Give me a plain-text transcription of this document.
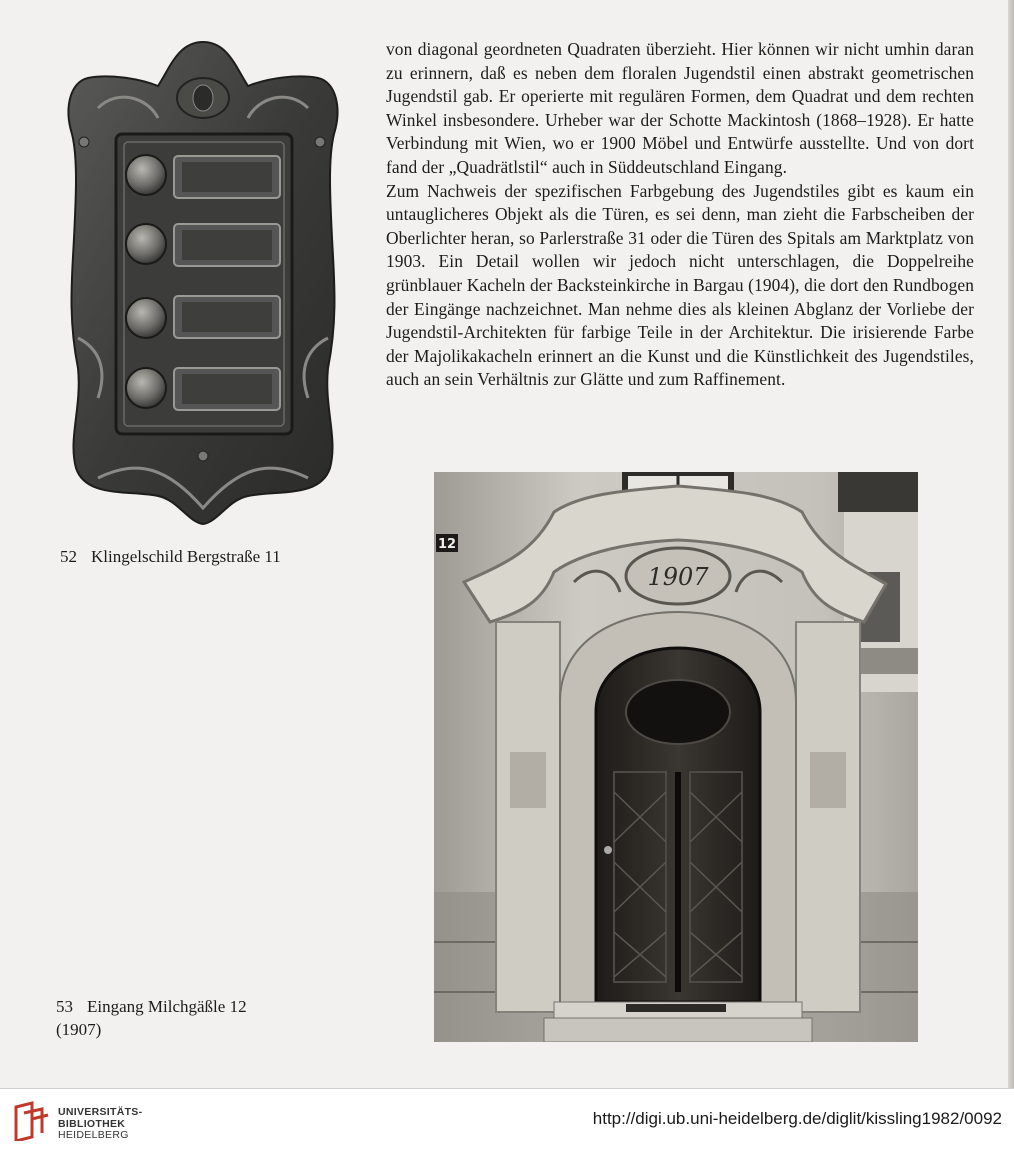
52 Klingelschild Bergstraße 11

von diagonal geordneten Quadraten überzieht. Hier können wir nicht umhin daran zu erinnern, daß es neben dem floralen Jugendstil einen abstrakt geometrischen Jugendstil gab. Er operierte mit regulären Formen, dem Quadrat und dem rechten Winkel insbesondere. Urheber war der Schotte Mackintosh (1868–1928). Er hatte Verbindung mit Wien, wo er 1900 Möbel und Entwürfe ausstellte. Und von dort fand der „Quadrätlstil“ auch in Süddeutschland Eingang.

Zum Nachweis der spezifischen Farbgebung des Jugendstiles gibt es kaum ein untauglicheres Objekt als die Türen, es sei denn, man zieht die Farbscheiben der Oberlichter heran, so Parlerstraße 31 oder die Türen des Spitals am Marktplatz von 1903. Ein Detail wollen wir jedoch nicht unterschlagen, die Doppelreihe grünblauer Kacheln der Backsteinkirche in Bargau (1904), die dort den Rundbogen der Eingänge nachzeichnet. Man nehme dies als kleinen Abglanz der Vorliebe der Jugendstil-Architekten für farbige Teile in der Architektur. Die irisierende Farbe der Majolikakacheln erinnert an die Kunst und die Künstlichkeit des Jugendstiles, auch an sein Verhältnis zur Glätte und zum Raffinement.

12
1907
53 Eingang Milchgäßle 12
(1907)
UNIVERSITÄTS-
BIBLIOTHEK
HEIDELBERG
http://digi.ub.uni-heidelberg.de/diglit/kissling1982/0092
